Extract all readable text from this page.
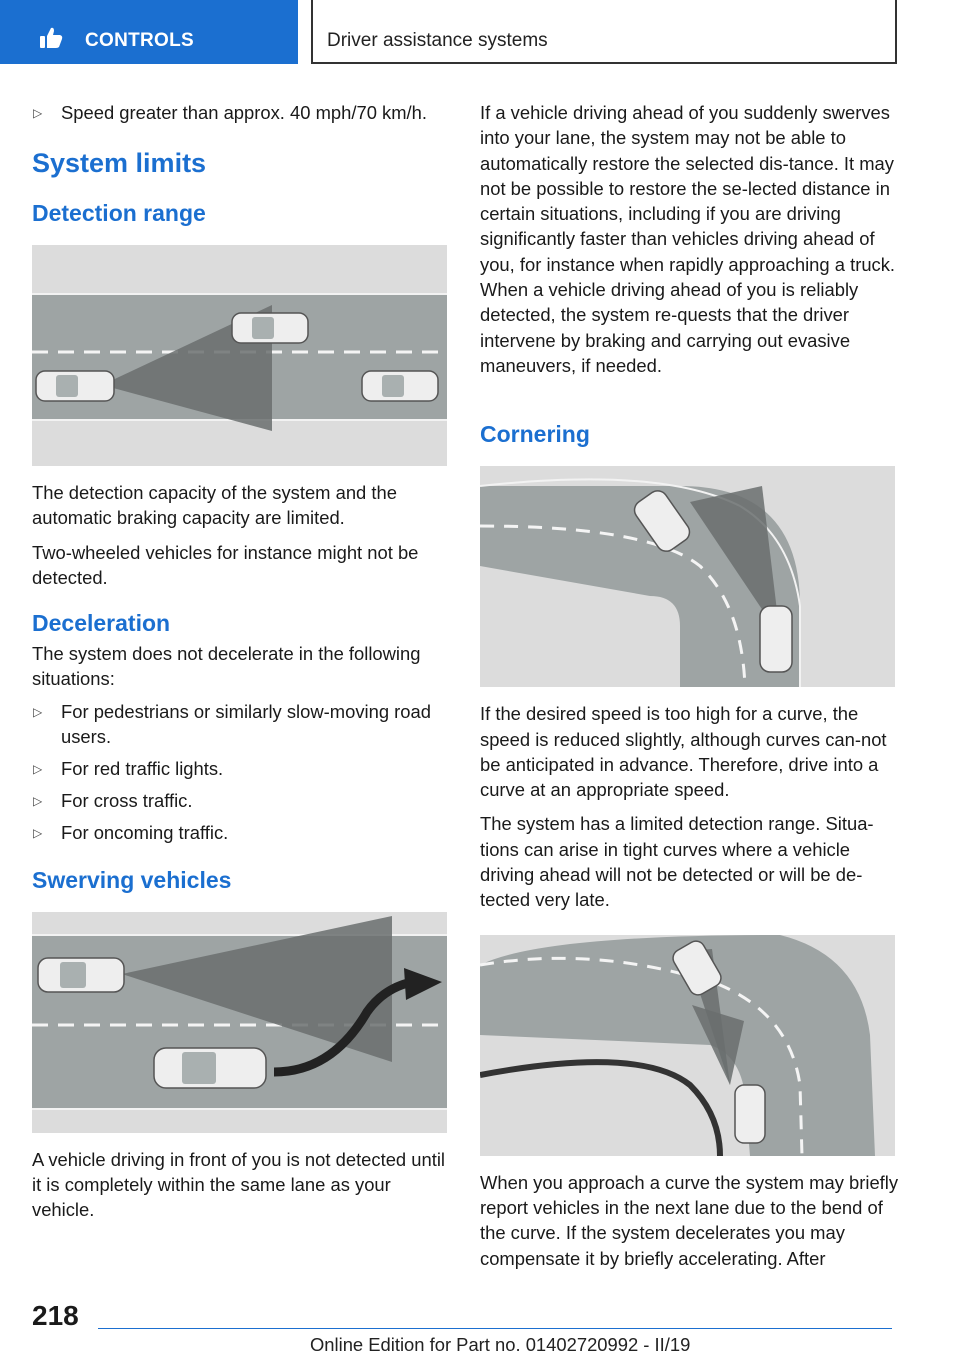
CONTROLS	Driver assistance systems
▷ Speed greater than approx. 40 mph/70 km/h.
System limits
Detection range

The detection capacity of the system and the automatic braking capacity are limited.

Two-wheeled vehicles for instance might not be detected.

Deceleration

The system does not decelerate in the following situations:

▷ For pedestrians or similarly slow-moving road users.
▷ For red traffic lights.
▷ For cross traffic.
▷ For oncoming traffic.
Swerving vehicles

A vehicle driving in front of you is not detected until it is completely within the same lane as your vehicle.

If a vehicle driving ahead of you suddenly swerves into your lane, the system may not be able to automatically restore the selected dis-tance. It may not be possible to restore the se-lected distance in certain situations, including if you are driving significantly faster than vehicles driving ahead of you, for instance when rapidly approaching a truck. When a vehicle driving ahead of you is reliably detected, the system re-quests that the driver intervene by braking and carrying out evasive maneuvers, if needed.

Cornering

If the desired speed is too high for a curve, the speed is reduced slightly, although curves can-not be anticipated in advance. Therefore, drive into a curve at an appropriate speed.

The system has a limited detection range. Situa-tions can arise in tight curves where a vehicle driving ahead will not be detected or will be de-tected very late.

When you approach a curve the system may briefly report vehicles in the next lane due to the bend of the curve. If the system decelerates you may compensate it by briefly accelerating. After

218
Online Edition for Part no. 01402720992 - II/19
